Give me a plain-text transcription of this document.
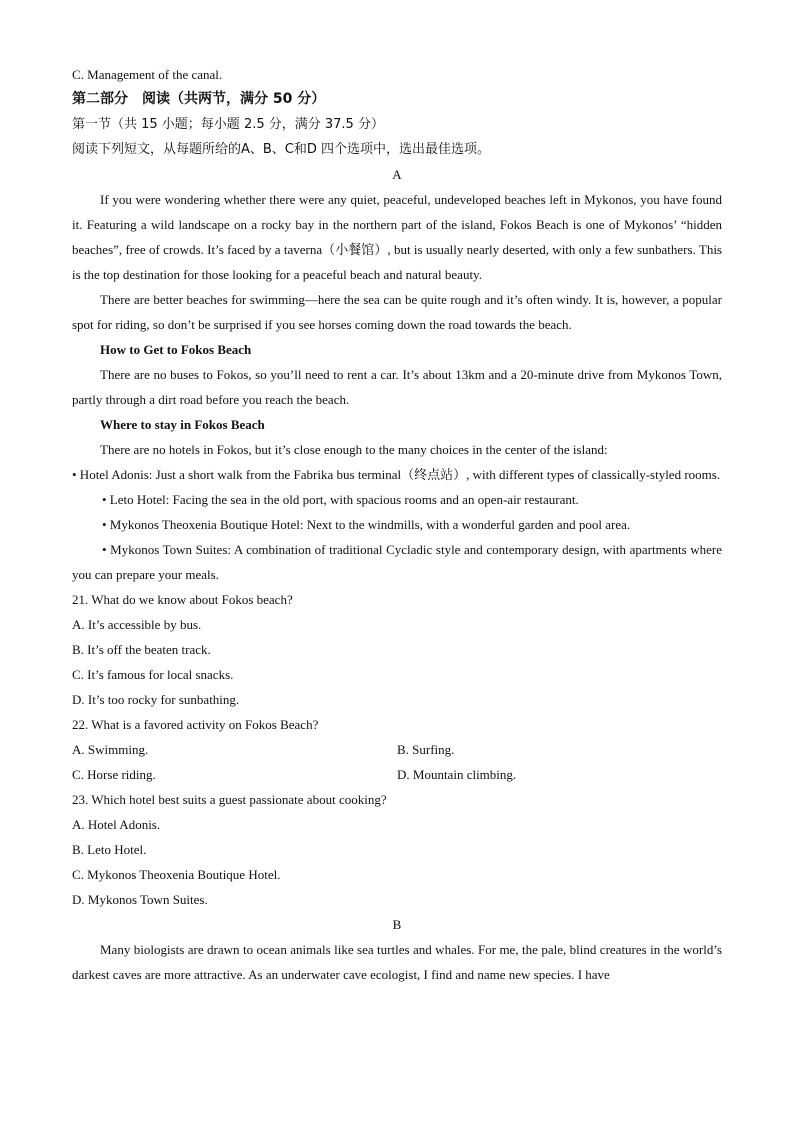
C. Management of the canal.
第二部分　阅读（共两节，满分 50 分）
第一节（共 15 小题；每小题 2.5 分，满分 37.5 分）
阅读下列短文，从每题所给的A、B、C和D 四个选项中，选出最佳选项。
A
If you were wondering whether there were any quiet, peaceful, undeveloped beaches left in Mykonos, you have found it. Featuring a wild landscape on a rocky bay in the northern part of the island, Fokos Beach is one of Mykonos’ “hidden beaches”, free of crowds. It’s faced by a taverna（小餐馆）, but is usually nearly deserted, with only a few sunbathers. This is the top destination for those looking for a peaceful beach and natural beauty.
There are better beaches for swimming—here the sea can be quite rough and it’s often windy. It is, however, a popular spot for riding, so don’t be surprised if you see horses coming down the road towards the beach.
How to Get to Fokos Beach
There are no buses to Fokos, so you’ll need to rent a car. It’s about 13km and a 20-minute drive from Mykonos Town, partly through a dirt road before you reach the beach.
Where to stay in Fokos Beach
There are no hotels in Fokos, but it’s close enough to the many choices in the center of the island:
• Hotel Adonis: Just a short walk from the Fabrika bus terminal（终点站）, with different types of classically-styled rooms.
• Leto Hotel: Facing the sea in the old port, with spacious rooms and an open-air restaurant.
• Mykonos Theoxenia Boutique Hotel: Next to the windmills, with a wonderful garden and pool area.
• Mykonos Town Suites: A combination of traditional Cycladic style and contemporary design, with apartments where you can prepare your meals.
21. What do we know about Fokos beach?
A. It’s accessible by bus.
B. It’s off the beaten track.
C. It’s famous for local snacks.
D. It’s too rocky for sunbathing.
22. What is a favored activity on Fokos Beach?
A. Swimming.	B. Surfing.
C. Horse riding.	D. Mountain climbing.
23. Which hotel best suits a guest passionate about cooking?
A. Hotel Adonis.
B. Leto Hotel.
C. Mykonos Theoxenia Boutique Hotel.
D. Mykonos Town Suites.
B
Many biologists are drawn to ocean animals like sea turtles and whales. For me, the pale, blind creatures in the world’s darkest caves are more attractive. As an underwater cave ecologist, I find and name new species. I have
